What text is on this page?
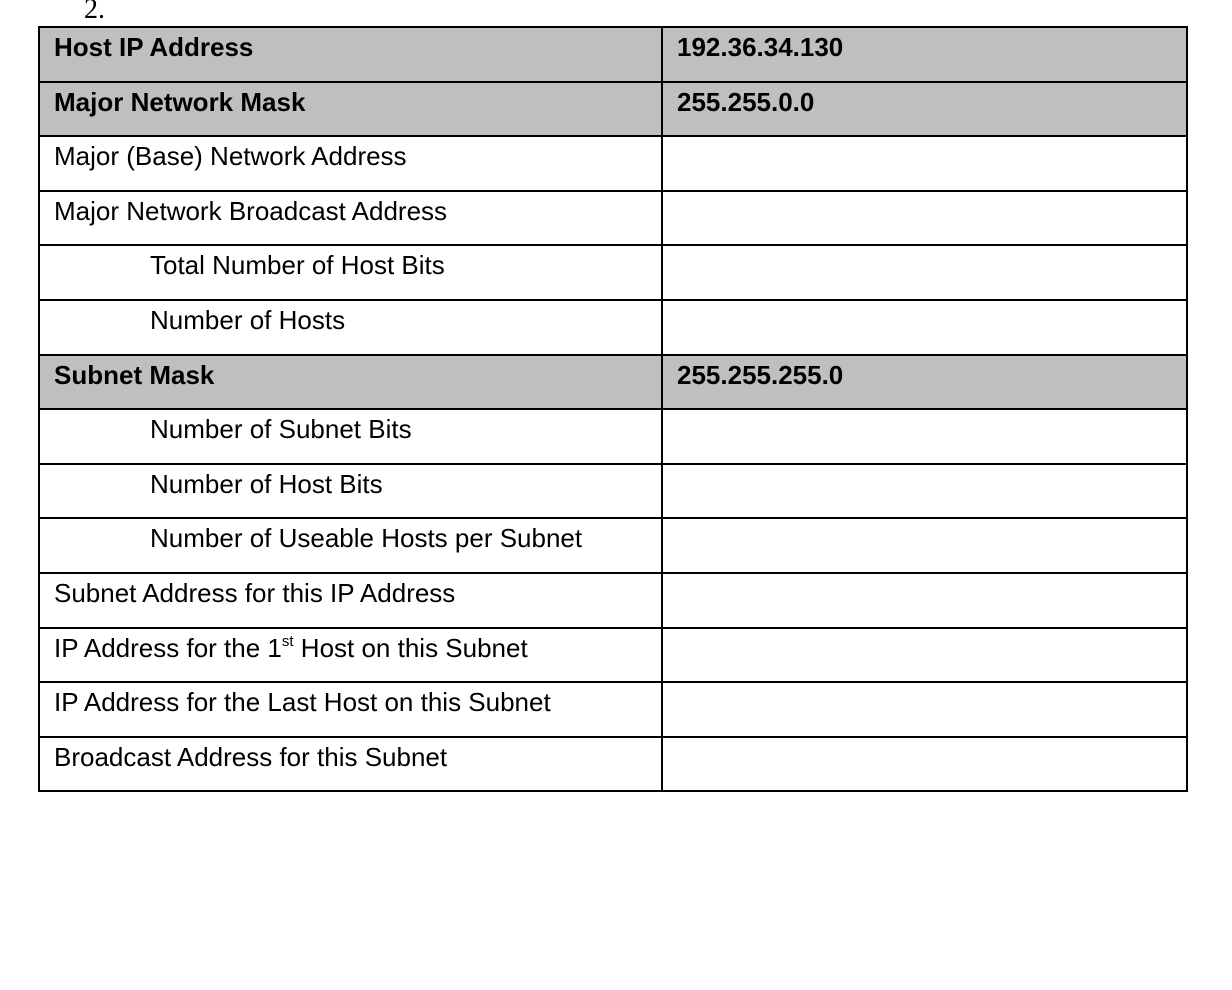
2.
Host IP Address	192.36.34.130
Major Network Mask	255.255.0.0
Major (Base) Network Address	
Major Network Broadcast Address	
Total Number of Host Bits	
Number of Hosts	
Subnet Mask	255.255.255.0
Number of Subnet Bits	
Number of Host Bits	
Number of Useable Hosts per Subnet	
Subnet Address for this IP Address	
IP Address for the 1st Host on this Subnet	
IP Address for the Last Host on this Subnet	
Broadcast Address for this Subnet	
